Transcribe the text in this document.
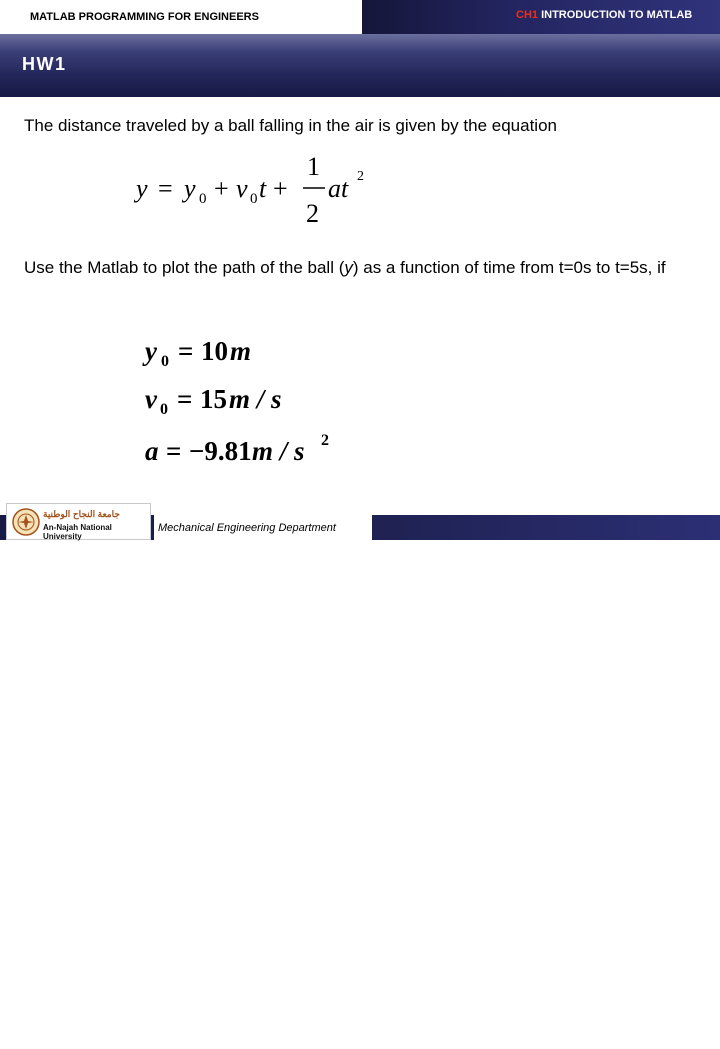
MATLAB PROGRAMMING FOR ENGINEERS	CH1 INTRODUCTION TO MATLAB
HW1
The distance traveled by a ball falling in the air is given by the equation
y = y 0 + v 0 t +
1
2
at 2
Use the Matlab to plot the path of the ball (y) as a function of time from t=0s to t=5s, if
y 0 = 10 m
v 0 = 15 m / s
a = −9.81 m / s 2
21
جامعة النجاح الوطنية
An-Najah National University
Mechanical Engineering Department
